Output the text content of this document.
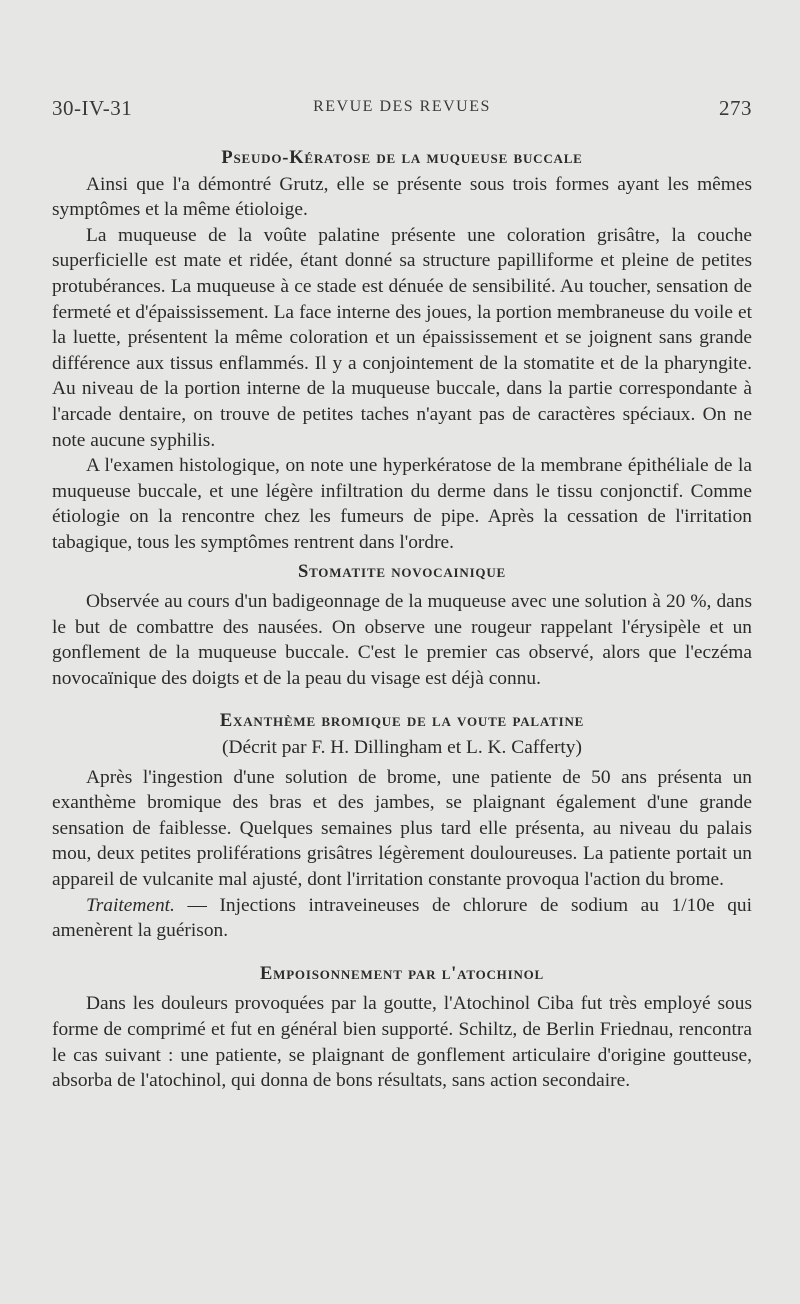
30-IV-31	REVUE DES REVUES	273
Pseudo-Kératose de la muqueuse buccale

Ainsi que l'a démontré Grutz, elle se présente sous trois formes ayant les mêmes symptômes et la même étioloige.

La muqueuse de la voûte palatine présente une coloration grisâtre, la couche superficielle est mate et ridée, étant donné sa structure papilliforme et pleine de petites protubérances. La muqueuse à ce stade est dénuée de sensibilité. Au toucher, sensation de fermeté et d'épaississement. La face interne des joues, la portion membraneuse du voile et la luette, présentent la même coloration et un épaississement et se joignent sans grande différence aux tissus enflammés. Il y a conjointement de la stomatite et de la pharyngite. Au niveau de la portion interne de la muqueuse buccale, dans la partie correspondante à l'arcade dentaire, on trouve de petites taches n'ayant pas de caractères spéciaux. On ne note aucune syphilis.

A l'examen histologique, on note une hyperkératose de la membrane épithéliale de la muqueuse buccale, et une légère infiltration du derme dans le tissu conjonctif. Comme étiologie on la rencontre chez les fumeurs de pipe. Après la cessation de l'irritation tabagique, tous les symptômes rentrent dans l'ordre.

Stomatite novocainique

Observée au cours d'un badigeonnage de la muqueuse avec une solution à 20 %, dans le but de combattre des nausées. On observe une rougeur rappelant l'érysipèle et un gonflement de la muqueuse buccale. C'est le premier cas observé, alors que l'eczéma novocaïnique des doigts et de la peau du visage est déjà connu.

Exanthème bromique de la voute palatine
(Décrit par F. H. Dillingham et L. K. Cafferty)

Après l'ingestion d'une solution de brome, une patiente de 50 ans présenta un exanthème bromique des bras et des jambes, se plaignant également d'une grande sensation de faiblesse. Quelques semaines plus tard elle présenta, au niveau du palais mou, deux petites proliférations grisâtres légèrement douloureuses. La patiente portait un appareil de vulcanite mal ajusté, dont l'irritation constante provoqua l'action du brome.

Traitement. — Injections intraveineuses de chlorure de sodium au 1/10e qui amenèrent la guérison.

Empoisonnement par l'atochinol

Dans les douleurs provoquées par la goutte, l'Atochinol Ciba fut très employé sous forme de comprimé et fut en général bien supporté. Schiltz, de Berlin Friednau, rencontra le cas suivant : une patiente, se plaignant de gonflement articulaire d'origine goutteuse, absorba de l'atochinol, qui donna de bons résultats, sans action secondaire.
